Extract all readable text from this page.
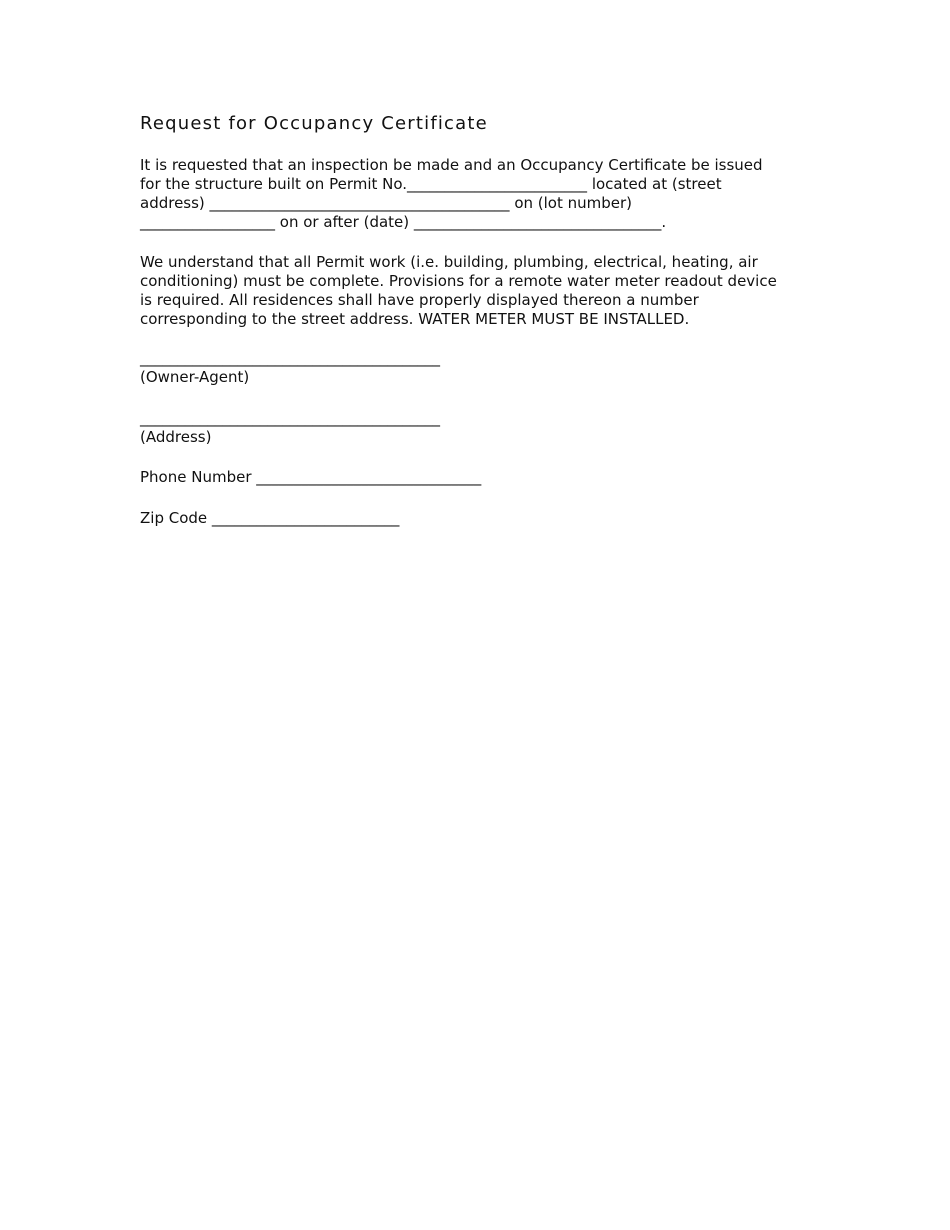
Request for Occupancy Certificate

It is requested that an inspection be made and an Occupancy Certificate be issued
for the structure built on Permit No.________________________ located at (street
address) ________________________________________ on (lot number)
__________________ on or after (date) _________________________________.

We understand that all Permit work (i.e. building, plumbing, electrical, heating, air
conditioning) must be complete. Provisions for a remote water meter readout device
is required. All residences shall have properly displayed thereon a number
corresponding to the street address. WATER METER MUST BE INSTALLED.

________________________________________
(Owner-Agent)
________________________________________
(Address)
Phone Number ______________________________
Zip Code _________________________
